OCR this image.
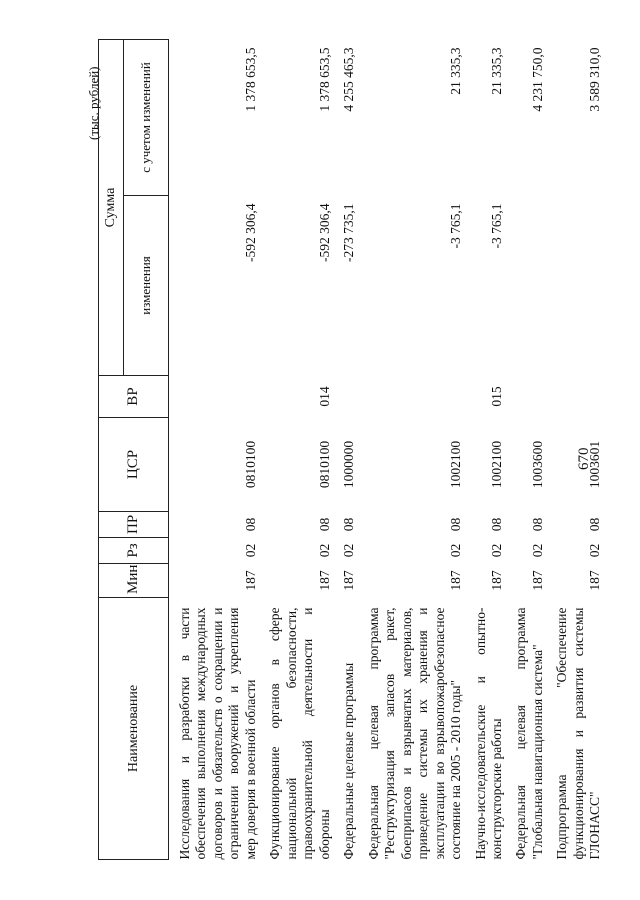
(тыс. рублей)
Наименование	Мин	Рз	ПР	ЦСР	ВР	Сумма	
						изменения	с учетом изменений
Исследования и разработки в части обеспечения выполнения международных договоров и обязательств о сокращении и ограничении вооружений и укрепления мер доверия в военной области	187	02	08	0810100		-592 306,4	1 378 653,5
Функционирование органов в сфере национальной безопасности, правоохранительной деятельности и обороны	187	02	08	0810100	014	-592 306,4	1 378 653,5
Федеральные целевые программы	187	02	08	1000000		-273 735,1	4 255 465,3
Федеральная целевая программа "Реструктуризация запасов ракет, боеприпасов и взрывчатых материалов, приведение системы их хранения и эксплуатации во взрывопожаробезопасное состояние на 2005 - 2010 годы"	187	02	08	1002100		-3 765,1	21 335,3
Научно-исследовательские и опытно-конструкторские работы	187	02	08	1002100	015	-3 765,1	21 335,3
Федеральная целевая программа "Глобальная навигационная система"	187	02	08	1003600			4 231 750,0
Подпрограмма "Обеспечение функционирования и развития системы ГЛОНАСС"	187	02	08	1003601			3 589 310,0
670
